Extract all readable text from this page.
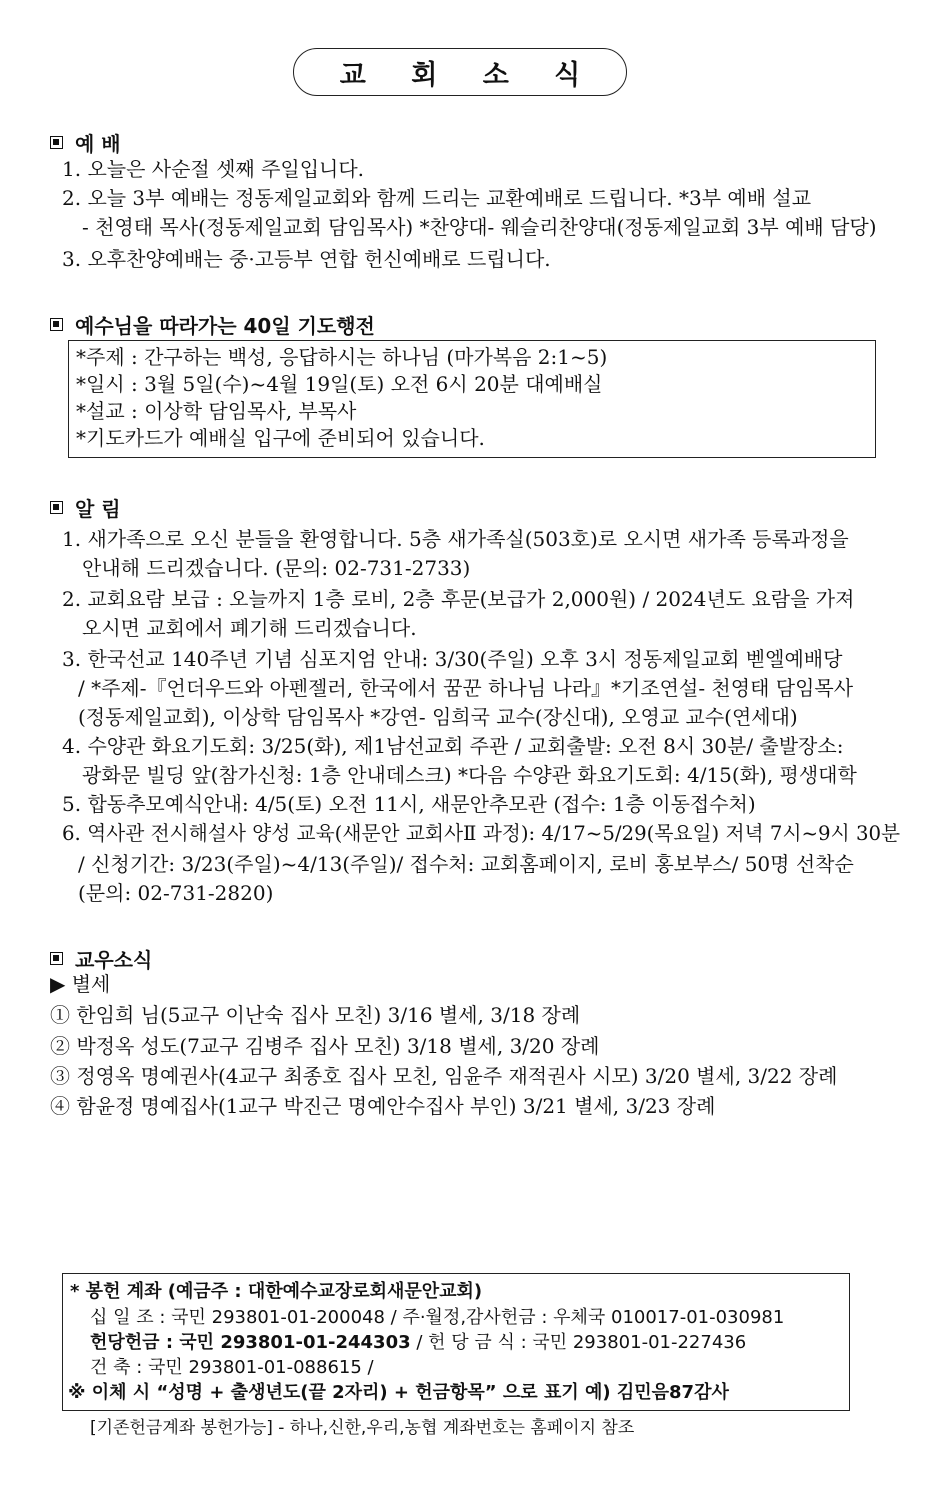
교 회 소 식
예 배
1. 오늘은 사순절 셋째 주일입니다.
2. 오늘 3부 예배는 정동제일교회와 함께 드리는 교환예배로 드립니다. *3부 예배 설교
- 천영태 목사(정동제일교회 담임목사) *찬양대- 웨슬리찬양대(정동제일교회 3부 예배 담당)
3. 오후찬양예배는 중·고등부 연합 헌신예배로 드립니다.
예수님을 따라가는 40일 기도행전
*주제 : 간구하는 백성, 응답하시는 하나님 (마가복음 2:1~5)
*일시 : 3월 5일(수)~4월 19일(토) 오전 6시 20분 대예배실
*설교 : 이상학 담임목사, 부목사
*기도카드가 예배실 입구에 준비되어 있습니다.
알 림
1. 새가족으로 오신 분들을 환영합니다. 5층 새가족실(503호)로 오시면 새가족 등록과정을
안내해 드리겠습니다. (문의: 02-731-2733)
2. 교회요람 보급 : 오늘까지 1층 로비, 2층 후문(보급가 2,000원) / 2024년도 요람을 가져
오시면 교회에서 폐기해 드리겠습니다.
3. 한국선교 140주년 기념 심포지엄 안내: 3/30(주일) 오후 3시 정동제일교회 벧엘예배당
/ *주제-『언더우드와 아펜젤러, 한국에서 꿈꾼 하나님 나라』*기조연설- 천영태 담임목사
(정동제일교회), 이상학 담임목사 *강연- 임희국 교수(장신대), 오영교 교수(연세대)
4. 수양관 화요기도회: 3/25(화), 제1남선교회 주관 / 교회출발: 오전 8시 30분/ 출발장소:
광화문 빌딩 앞(참가신청: 1층 안내데스크) *다음 수양관 화요기도회: 4/15(화), 평생대학
5. 합동추모예식안내: 4/5(토) 오전 11시, 새문안추모관 (접수: 1층 이동접수처)
6. 역사관 전시해설사 양성 교육(새문안 교회사Ⅱ 과정): 4/17~5/29(목요일) 저녁 7시~9시 30분
/ 신청기간: 3/23(주일)~4/13(주일)/ 접수처: 교회홈페이지, 로비 홍보부스/ 50명 선착순
(문의: 02-731-2820)
교우소식
▶ 별세
① 한임희 님(5교구 이난숙 집사 모친) 3/16 별세, 3/18 장례
② 박정옥 성도(7교구 김병주 집사 모친) 3/18 별세, 3/20 장례
③ 정영옥 명예권사(4교구 최종호 집사 모친, 임윤주 재적권사 시모) 3/20 별세, 3/22 장례
④ 함윤정 명예집사(1교구 박진근 명예안수집사 부인) 3/21 별세, 3/23 장례
* 봉헌 계좌 (예금주 : 대한예수교장로회새문안교회)
십 일 조 : 국민 293801-01-200048 / 주·월정,감사헌금 : 우체국 010017-01-030981
헌당헌금 : 국민 293801-01-244303 / 헌 당 금 식 : 국민 293801-01-227436
건 축 : 국민 293801-01-088615 /
※ 이체 시 “성명 + 출생년도(끝 2자리) + 헌금항목” 으로 표기 예) 김민음87감사
[기존헌금계좌 봉헌가능] - 하나,신한,우리,농협 계좌번호는 홈페이지 참조
